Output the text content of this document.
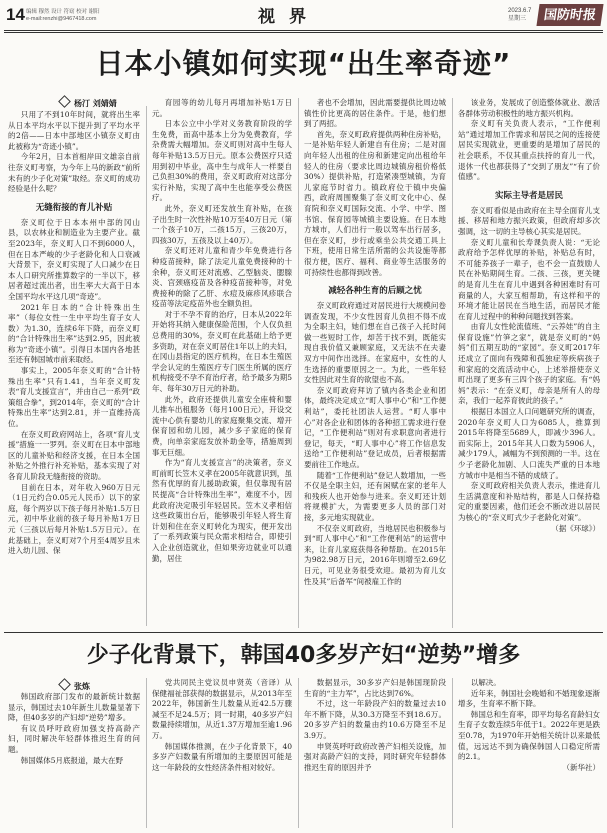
14 编辑 穆然 设计 符窈 校对 谢阳
e-mail:renzhi@9467418.com	视界	2023.6.7
星期三	国防时报
日本小镇如何实现“出生率奇迹”
杨汀 刘婧婧

只用了不到10年时间，就将出生率从日本平均水平以下提升到了平均水平的2倍——日本中部地区小镇奈义町由此被称为“奇迹小镇”。

今年2月，日本首相岸田文雄亲自前往奈义町考察，为今年上马的新政“前所未有的少子化对策”取经。奈义町的成功经验是什么呢？

无缝衔接的育儿补贴

奈义町位于日本本州中部的冈山县，以农林业和制造业为主要产业。截至2023年，奈义町人口不到6000人，但在日本严峻的少子老龄化和人口衰减大背景下，奈义町实现了人口减少在日本人口研究所推算数字的一半以下，移居者超过流出者，出生率大大高于日本全国平均水平这几项“奇迹”。

2021年日本的“合计特殊出生率”（每位女性一生中平均生育子女人数）为1.30，连续6年下降，而奈义町的“合计特殊出生率”达到2.95，因此被称为“奇迹小镇”。引得日本国内各地甚至还有韩国城市前来取经。

事实上，2005年奈义町的“合计特殊出生率”只有1.41，当年奈义町发表“育儿支援宣言”，并由自己一系列“政策组合拳”，到2014年，奈义町的“合计特殊出生率”达到2.81，并一直维持高位。

在奈义町政府网站上，各项“育儿支援”措施一一罗列。奈义町在日本中部地区的儿童补贴和经济支援，在日本全国补贴之外推行补充补贴，基本实现了对各育儿阶段无缝衔接的资助。

目前在日本，对年收入960万日元（1日元约合0.05元人民币）以下的家庭，每个两岁以下孩子每月补贴1.5万日元，初中毕业前的孩子每月补贴1万日元（三孩以后每月补贴1.5万日元）。在此基础上，奈义町对7个月至4周岁且未进入幼儿园、保

育园等的幼儿每月再增加补贴1万日元。

日本公立中小学对义务教育阶段的学生免费，而高中基本上分为免费教育，学杂费需大幅增加。奈义町则对高中生每人每年补贴13.5万日元。原本公费医疗只适用到初中毕业，高中生与成年人一样要自己负担30%的费用，奈义町政府对这部分实行补贴，实现了高中生也能享受公费医疗。

此外，奈义町还发放生育补贴，在孩子出生时一次性补贴10万至40万日元（第一个孩子10万，二孩15万，三孩20万，四孩30万，五孩及以上40万）。

奈义町还对儿童和青少年免费进行各种疫苗接种，除了法定儿童免费接种的十余种，奈义町还对流感、乙型脑炎、腮腺炎、宫颈癌疫苗及各种疫苗接种等，对免费接种的除了乙肝、水痘及麻疹风疹联合疫苗等法定疫苗外也全额负担。

对于不孕不育的治疗，日本从2022年开始将其纳入健康保险范围，个人仅负担总费用的30%，奈义町在此基础上给予更多资助，对在奈义町居住1年以上的夫妇，在冈山县指定的医疗机构，在日本生殖医学会认定的生殖医疗专门医生所属的医疗机构接受不孕不育治疗者，给予最多为期5年、每年30万日元的补助。

此外，政府还提供儿童安全座椅和婴儿推车出租服务（每月100日元），开设交流中心供有婴幼儿的家庭聚集交流、增开保育园和幼儿园，减少多子家庭的保育费，向单亲家庭发放补助金等，措施周到事无巨细。

作为“育儿支援宣言”的决策者，奈义町前町长笠木义孝在2005年就意识到，虽然有优厚的育儿援助政策，但仅靠现有居民提高“合计特殊出生率”，难度不小，因此政府决定吸引年轻居民。笠木义孝相信这些政策出台后，能够吸引年轻人将生育计划和住在奈义町转化为现实，便开发出了一系列政策与民众需求相结合，即使引入企业创造就业，但如果旁边就业可以通勤，居住

者也不会增加，因此需要提供比周边城镇性价比更高的居住条件。于是，他们想到了两招。

首先，奈义町政府提供两种住房补贴，一是补贴年轻人新建自有住房；二是对面向年轻人出租的住房和新建定向出租给年轻人的住房（要求比周边城镇房租价格低30%）提供补贴，打造紧凑型城镇，为育儿家庭节时省力。镇政府位于镇中央偏西，政府周围聚集了奈义町文化中心、保育院和奈义町国际交流、小学、中学、图书馆、保育园等城镇主要设施。在日本地方城市，人们出行一般以驾车出行居多，但在奈义町，步行或乘坐公共交通工具上下班，使用日常生活所需的公共设施等都很方便，医疗、福利、商业等生活服务的可持续性也都得到改善。

减轻各种生育的后顾之忧

奈义町政府通过对居民进行大规模问卷调查发现，不少女性因育儿负担不得不成为全职主妇，她们想在自己孩子入托时间做一些短时工作，却苦于找不到，既能实现自我价值又兼顾家庭，又无法不在夫妻双方中间作出选择。在家庭中，女性的人生选择的重要原因之一。为此，一些年轻女性因此对生育的欲望也不高。

奈义町政府拜访了镇内各类企业和团体，最终决定成立“町人事中心”和“工作便利站”，委托社团法人运营。“町人事中心”对各企业和团体的各种招工需求进行登记，“工作便利站”则对有求职意向者进行登记，每天，“町人事中心”将工作信息发送给“工作便利站”登记成员，后者根据需要前往工作地点。

随着“工作便利站”登记人数增加，一些不仅是全职主妇，还有闲赋在家的老年人和残疾人也开始参与进来。奈义町还计划将规模扩大，为需要更多人员的部门对接，多元地实现就业。

不仅奈义町政府，当地居民也积极参与到“町人事中心”和“工作便利站”的运营中来，让育儿家庭获得各种帮助。在2015年为982.98万日元，2016年则增至2.69亿日元，可见业务很受欢迎。最初为育儿女性及其”后备军“间被雇工作的

该业务，发展成了创造整体就业、激活各群体劳动积极性的地方振兴机构。

奈义町有关负责人表示，“工作便利站”通过增加工作需求和居民之间的连接使居民实现就业，更重要的是增加了居民的社会联系，不仅其重点扶持的育儿一代，退休一代也都获得了“交到了朋友”“有了价值感”。

实际主导者是居民

奈义町看似是由政府在主导全面育儿支援、移居和地方振兴政策，但政府却多次强调，这一切的主导核心其实是居民。

奈义町儿童和长寿课负责人说：“无论政府给予怎样优厚的补贴，补贴总有时，不可能养孩子一辈子，也不会一直鼓励人民在补贴期间生育。二孩、三孩，更关键的是育儿生在育儿中遇到各种困难时有可商量的人，大家互相帮助，有这样和平的环境才能让居民在当地生活，而居民才能在育儿过程中的种种问题找到答案。

由育儿女性轮流值班、“云养娃”的自主保育设施”竹笋之家”，就是奈义町的“妈妈”们五期互助的“家园”。奈义町2017年还成立了面向有残障和孤独症等疾病孩子和家庭的交流活动中心，上述举措使奈义町出现了更多有三四个孩子的家庭。有“妈妈”表示：“在奈义町，母亲是所有人的母亲，我们一起养育彼此的孩子。”

根据日本国立人口问题研究所的调查，2020年奈义町人口为6085人，推算到2015年将降至5689人，即减少396人。而实际上，2015年其人口数为5906人，减少179人，减幅为不到预测的一半。这在少子老龄化加剧、人口流失严重的日本地方城市中是相当不错的成绩了。

奈义町政府相关负责人表示，推进育儿生活满意度和补贴结构，都是人口保持稳定的重要因素，他们还会不断改进以居民为核心的“奈义町式少子老龄化对策”。

（据《环球》）

少子化背景下，韩国40多岁产妇“逆势”增多
张炼

韩国政府部门发布的最新统计数据显示，韩国过去10年新生儿数量显著下降，但40多岁的产妇却“逆势”增多。

有议员呼吁政府加强支持高龄产妇，同时解决年轻群体推迟生育的问题。

韩国媒体5月底报道，最大在野

党共同民主党议员申贤英（音译）从保健福祉部获得的数据显示，从2013年至2022年，韩国新生儿数量从近42.5万骤减至不足24.5万；同一时期，40多岁产妇数量持续增加，从近1.37万增加至逾1.96万。

韩国媒体推测，在少子化背景下，40多岁产妇数量有所增加的主要原因可能是这一年龄段的女性经济条件相对较好。

数据显示，30多岁产妇是韩国现阶段生育的“主力军”，占比达到76%。

不过，这一年龄段产妇的数量过去10年不断下降，从30.3万降至不到18.6万。20多岁产妇的数量由约10.6万降至不足3.9万。

申贤英呼吁政府改善产妇相关设施，加强对高龄产妇的支持，同时研究年轻群体推迟生育的原因并予

以解决。

近年来，韩国社会晚婚和不婚现象逐渐增多，生育率不断下降。

韩国总和生育率，即平均每名育龄妇女生育子女数连续5年低于1。2022年更是跌至0.78，为1970年开始相关统计以来最低值，远远达不到为确保韩国人口稳定所需的2.1。

（新华社）
